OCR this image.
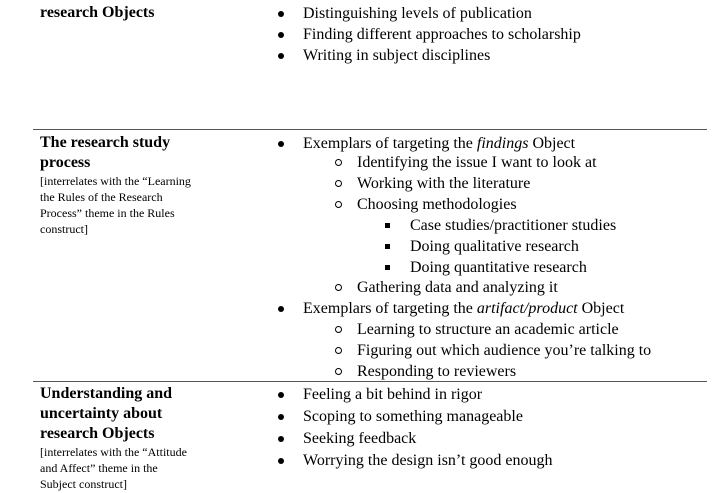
research Objects	Distinguishing levels of publication
Finding different approaches to scholarship
Writing in subject disciplines
The research study
process
[interrelates with the “Learning
the Rules of the Research
Process” theme in the Rules
construct]
Exemplars of targeting the findings Object
Identifying the issue I want to look at
Working with the literature
Choosing methodologies
Case studies/practitioner studies
Doing qualitative research
Doing quantitative research
Gathering data and analyzing it
Exemplars of targeting the artifact/product Object
Learning to structure an academic article
Figuring out which audience you’re talking to
Responding to reviewers
Understanding and
uncertainty about
research Objects
[interrelates with the “Attitude
and Affect” theme in the
Subject construct]
Feeling a bit behind in rigor
Scoping to something manageable
Seeking feedback
Worrying the design isn’t good enough
